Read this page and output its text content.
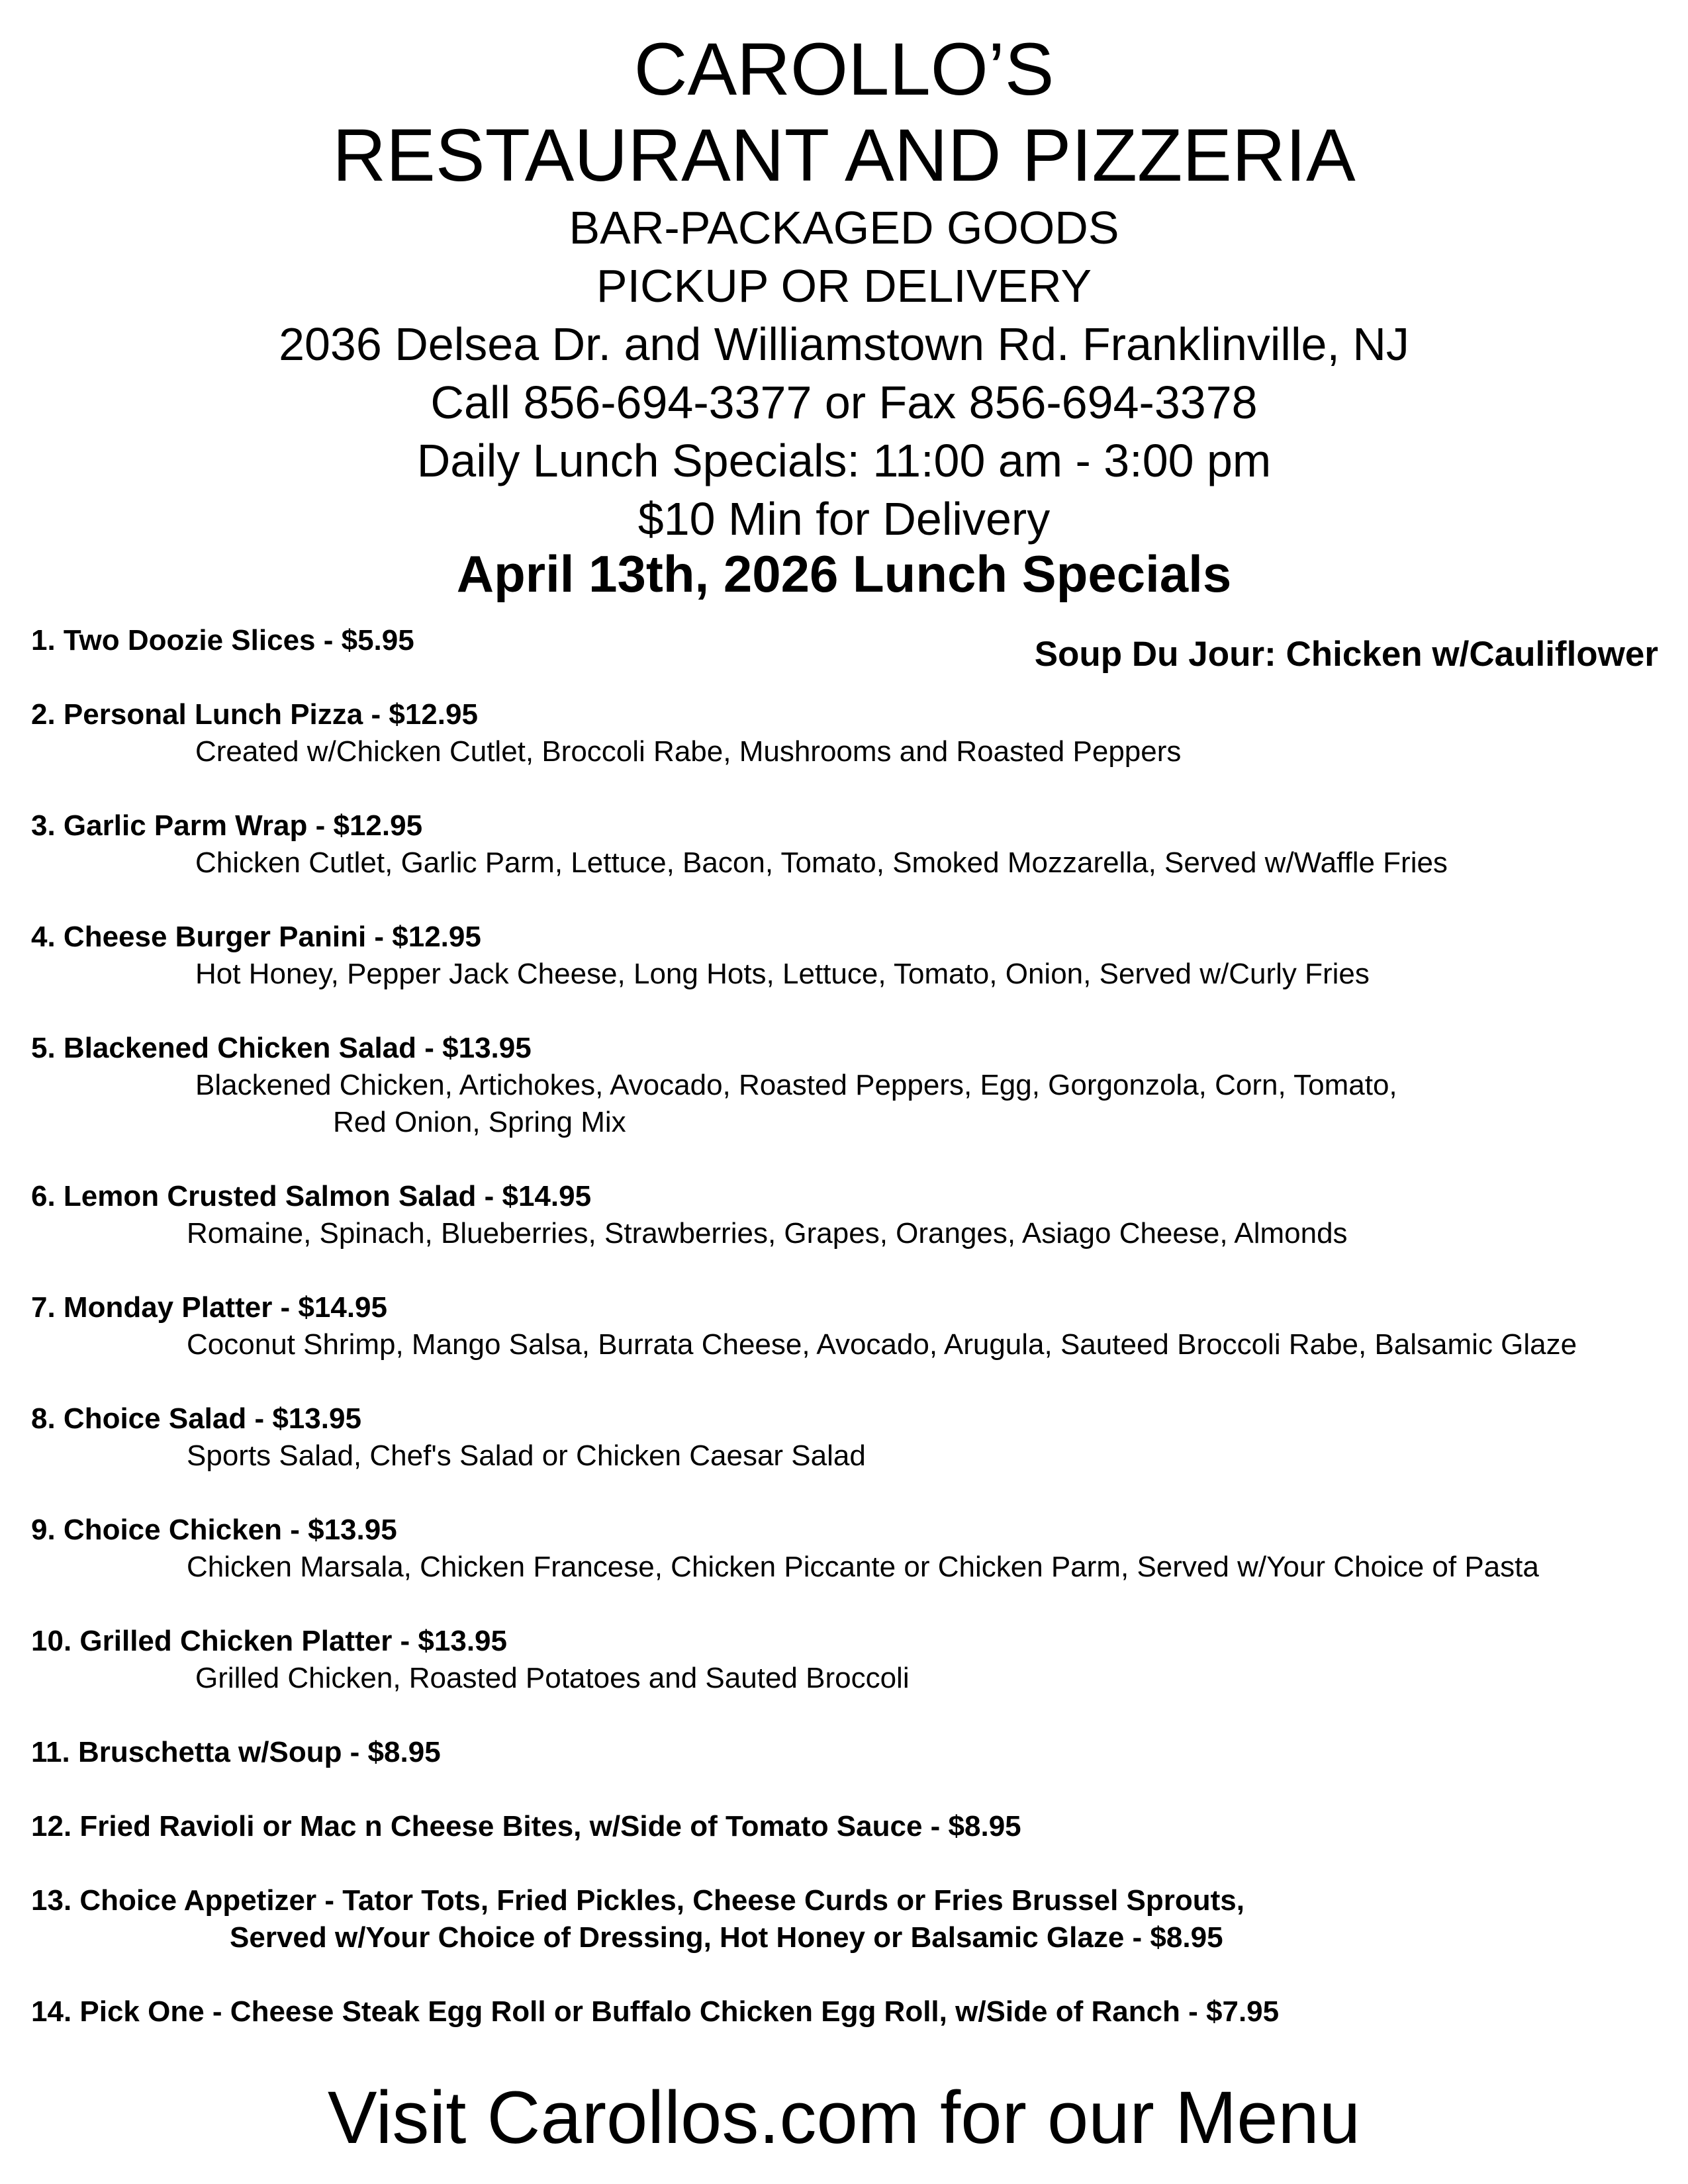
CAROLLO’S
RESTAURANT AND PIZZERIA
BAR-PACKAGED GOODS
PICKUP OR DELIVERY
2036 Delsea Dr. and Williamstown Rd. Franklinville, NJ
Call 856-694-3377 or Fax 856-694-3378
Daily Lunch Specials: 11:00 am - 3:00 pm
$10 Min for Delivery
April 13th, 2026 Lunch Specials
Soup Du Jour: Chicken w/Cauliflower
1. Two Doozie Slices - $5.95
2. Personal Lunch Pizza - $12.95
Created w/Chicken Cutlet, Broccoli Rabe, Mushrooms and Roasted Peppers
3. Garlic Parm Wrap - $12.95
Chicken Cutlet, Garlic Parm, Lettuce, Bacon, Tomato, Smoked Mozzarella, Served w/Waffle Fries
4. Cheese Burger Panini - $12.95
Hot Honey, Pepper Jack Cheese, Long Hots, Lettuce, Tomato, Onion, Served w/Curly Fries
5. Blackened Chicken Salad - $13.95
Blackened Chicken, Artichokes, Avocado, Roasted Peppers, Egg, Gorgonzola, Corn, Tomato,
Red Onion, Spring Mix
6. Lemon Crusted Salmon Salad - $14.95
Romaine, Spinach, Blueberries, Strawberries, Grapes, Oranges, Asiago Cheese, Almonds
7. Monday Platter - $14.95
Coconut Shrimp, Mango Salsa, Burrata Cheese, Avocado, Arugula, Sauteed Broccoli Rabe, Balsamic Glaze
8. Choice Salad - $13.95
Sports Salad, Chef's Salad or Chicken Caesar Salad
9. Choice Chicken - $13.95
Chicken Marsala, Chicken Francese, Chicken Piccante or Chicken Parm, Served w/Your Choice of Pasta
10. Grilled Chicken Platter - $13.95
Grilled Chicken, Roasted Potatoes and Sauted Broccoli
11. Bruschetta w/Soup - $8.95
12. Fried Ravioli or Mac n Cheese Bites, w/Side of Tomato Sauce - $8.95
13. Choice Appetizer - Tator Tots, Fried Pickles, Cheese Curds or Fries Brussel Sprouts,
Served w/Your Choice of Dressing, Hot Honey or Balsamic Glaze - $8.95
14. Pick One - Cheese Steak Egg Roll or Buffalo Chicken Egg Roll, w/Side of Ranch - $7.95
Visit Carollos.com for our Menu
